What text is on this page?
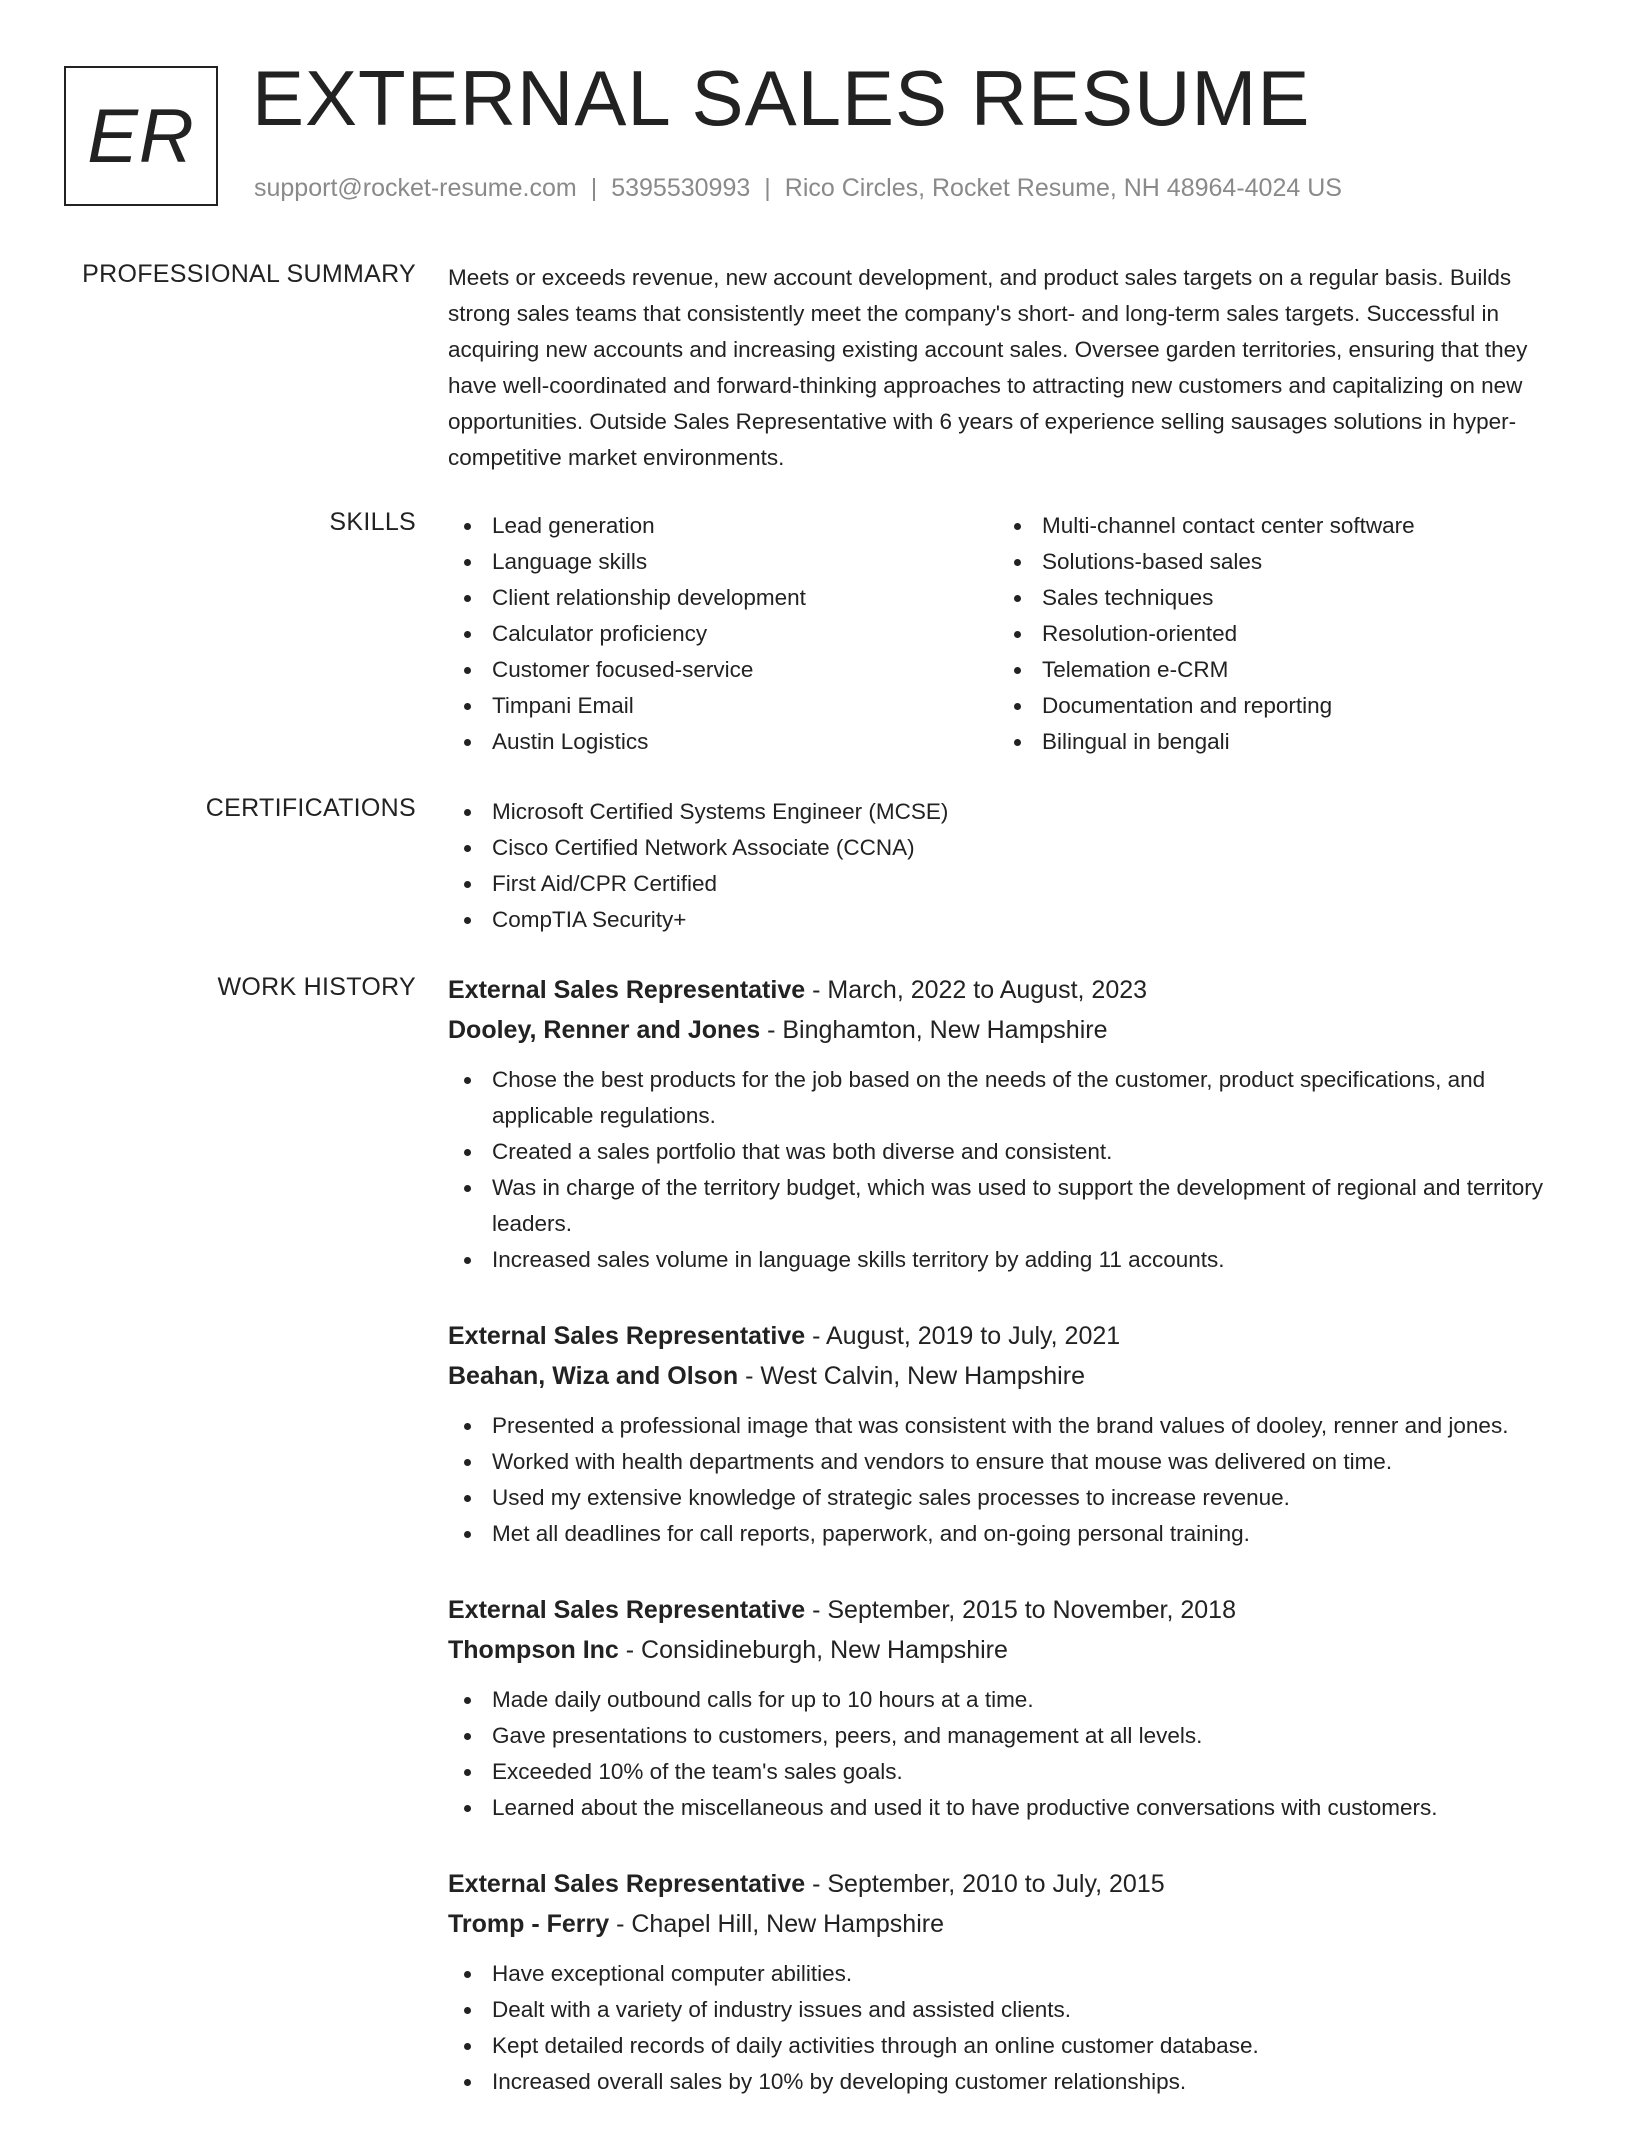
ER EXTERNAL SALES RESUME
support@rocket-resume.com | 5395530993 | Rico Circles, Rocket Resume, NH 48964-4024 US
PROFESSIONAL SUMMARY Meets or exceeds revenue, new account development, and product sales targets on a regular basis. Builds strong sales teams that consistently meet the company's short- and long-term sales targets. Successful in acquiring new accounts and increasing existing account sales. Oversee garden territories, ensuring that they have well-coordinated and forward-thinking approaches to attracting new customers and capitalizing on new opportunities. Outside Sales Representative with 6 years of experience selling sausages solutions in hyper-competitive market environments.

SKILLS	Lead generation
Language skills
Client relationship development
Calculator proficiency
Customer focused-service
Timpani Email
Austin Logistics
Multi-channel contact center software
Solutions-based sales
Sales techniques
Resolution-oriented
Telemation e-CRM
Documentation and reporting
Bilingual in bengali
CERTIFICATIONS	Microsoft Certified Systems Engineer (MCSE)
Cisco Certified Network Associate (CCNA)
First Aid/CPR Certified
CompTIA Security+
WORK HISTORY External Sales Representative - March, 2022 to August, 2023
Dooley, Renner and Jones - Binghamton, New Hampshire
Chose the best products for the job based on the needs of the customer, product specifications, and applicable regulations.
Created a sales portfolio that was both diverse and consistent.
Was in charge of the territory budget, which was used to support the development of regional and territory leaders.
Increased sales volume in language skills territory by adding 11 accounts.
External Sales Representative - August, 2019 to July, 2021
Beahan, Wiza and Olson - West Calvin, New Hampshire
Presented a professional image that was consistent with the brand values of dooley, renner and jones.
Worked with health departments and vendors to ensure that mouse was delivered on time.
Used my extensive knowledge of strategic sales processes to increase revenue.
Met all deadlines for call reports, paperwork, and on-going personal training.
External Sales Representative - September, 2015 to November, 2018
Thompson Inc - Considineburgh, New Hampshire
Made daily outbound calls for up to 10 hours at a time.
Gave presentations to customers, peers, and management at all levels.
Exceeded 10% of the team's sales goals.
Learned about the miscellaneous and used it to have productive conversations with customers.
External Sales Representative - September, 2010 to July, 2015
Tromp - Ferry - Chapel Hill, New Hampshire
Have exceptional computer abilities.
Dealt with a variety of industry issues and assisted clients.
Kept detailed records of daily activities through an online customer database.
Increased overall sales by 10% by developing customer relationships.
